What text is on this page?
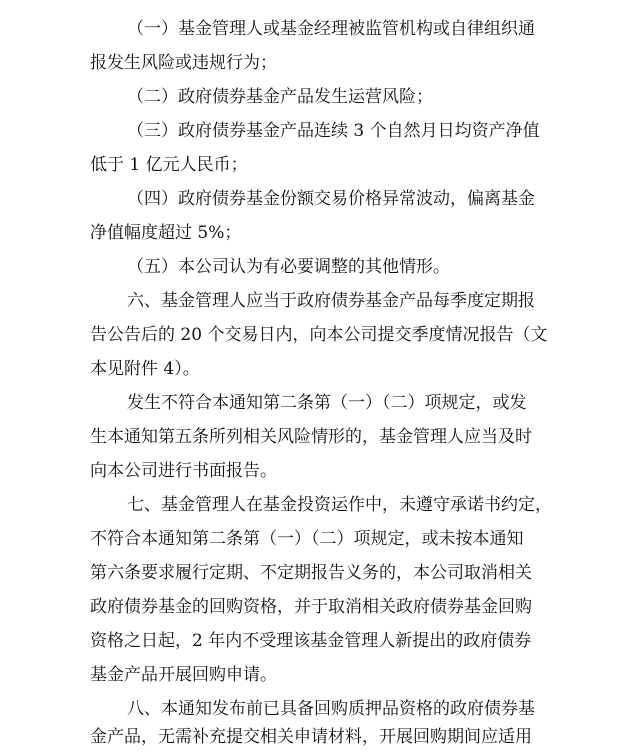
（一）基金管理人或基金经理被监管机构或自律组织通
报发生风险或违规行为；
（二）政府债券基金产品发生运营风险；
（三）政府债券基金产品连续 3 个自然月日均资产净值
低于 1 亿元人民币；
（四）政府债券基金份额交易价格异常波动，偏离基金
净值幅度超过 5%；
（五）本公司认为有必要调整的其他情形。
六、基金管理人应当于政府债券基金产品每季度定期报
告公告后的 20 个交易日内，向本公司提交季度情况报告（文
本见附件 4）。
发生不符合本通知第二条第（一）（二）项规定，或发
生本通知第五条所列相关风险情形的，基金管理人应当及时
向本公司进行书面报告。
七、基金管理人在基金投资运作中，未遵守承诺书约定，
不符合本通知第二条第（一）（二）项规定，或未按本通知
第六条要求履行定期、不定期报告义务的，本公司取消相关
政府债券基金的回购资格，并于取消相关政府债券基金回购
资格之日起，2 年内不受理该基金管理人新提出的政府债券
基金产品开展回购申请。
八、本通知发布前已具备回购质押品资格的政府债券基
金产品，无需补充提交相关申请材料，开展回购期间应适用
